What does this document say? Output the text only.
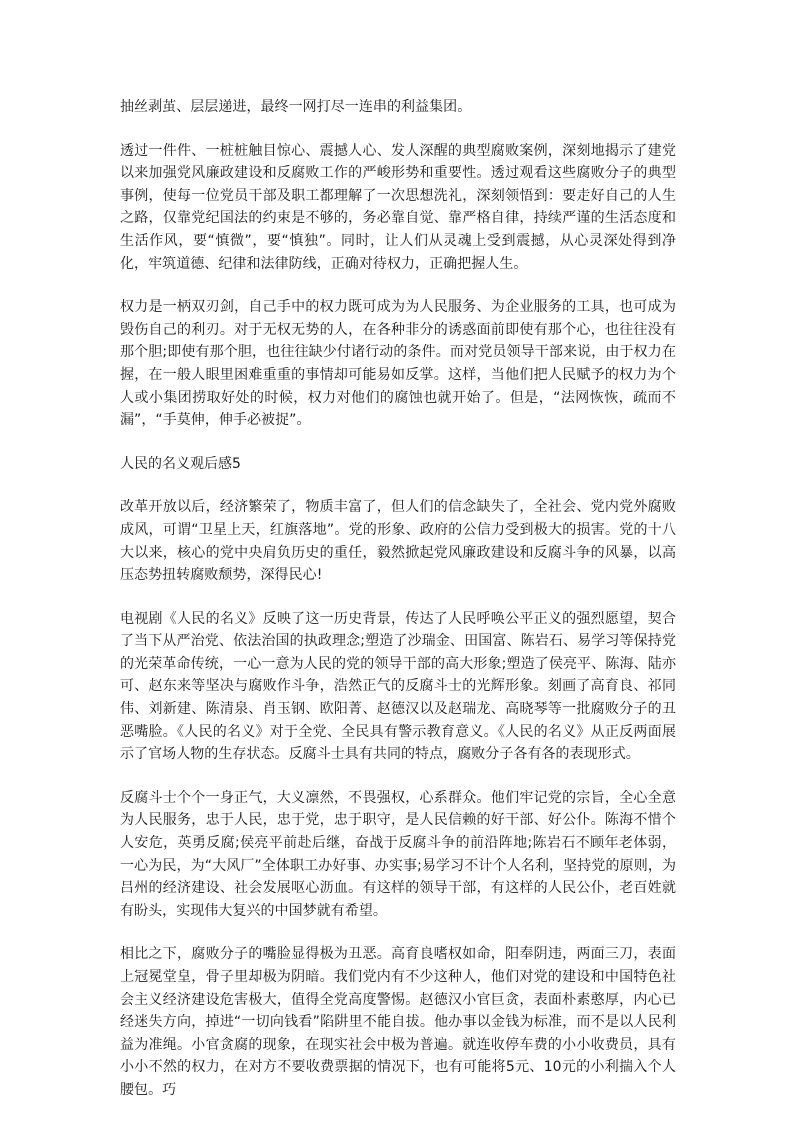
抽丝剥茧、层层递进，最终一网打尽一连串的利益集团。

透过一件件、一桩桩触目惊心、震撼人心、发人深醒的典型腐败案例，深刻地揭示了建党以来加强党风廉政建设和反腐败工作的严峻形势和重要性。透过观看这些腐败分子的典型事例，使每一位党员干部及职工都理解了一次思想洗礼，深刻领悟到：要走好自己的人生之路，仅靠党纪国法的约束是不够的，务必靠自觉、靠严格自律，持续严谨的生活态度和生活作风，要“慎微”，要“慎独”。同时，让人们从灵魂上受到震撼，从心灵深处得到净化，牢筑道德、纪律和法律防线，正确对待权力，正确把握人生。

权力是一柄双刃剑，自己手中的权力既可成为为人民服务、为企业服务的工具，也可成为毁伤自己的利刃。对于无权无势的人，在各种非分的诱惑面前即使有那个心，也往往没有那个胆;即使有那个胆，也往往缺少付诸行动的条件。而对党员领导干部来说，由于权力在握，在一般人眼里困难重重的事情却可能易如反掌。这样，当他们把人民赋予的权力为个人或小集团捞取好处的时候，权力对他们的腐蚀也就开始了。但是，“法网恢恢，疏而不漏”，“手莫伸，伸手必被捉”。

人民的名义观后感5

改革开放以后，经济繁荣了，物质丰富了，但人们的信念缺失了，全社会、党内党外腐败成风，可谓“卫星上天，红旗落地”。党的形象、政府的公信力受到极大的损害。党的十八大以来，核心的党中央肩负历史的重任，毅然掀起党风廉政建设和反腐斗争的风暴，以高压态势扭转腐败颓势，深得民心!

电视剧《人民的名义》反映了这一历史背景，传达了人民呼唤公平正义的强烈愿望，契合了当下从严治党、依法治国的执政理念;塑造了沙瑞金、田国富、陈岩石、易学习等保持党的光荣革命传统，一心一意为人民的党的领导干部的高大形象;塑造了侯亮平、陈海、陆亦可、赵东来等坚决与腐败作斗争，浩然正气的反腐斗士的光辉形象。刻画了高育良、祁同伟、刘新建、陈清泉、肖玉钢、欧阳菁、赵德汉以及赵瑞龙、高晓琴等一批腐败分子的丑恶嘴脸。《人民的名义》对于全党、全民具有警示教育意义。《人民的名义》从正反两面展示了官场人物的生存状态。反腐斗士具有共同的特点，腐败分子各有各的表现形式。

反腐斗士个个一身正气，大义凛然，不畏强权，心系群众。他们牢记党的宗旨，全心全意为人民服务，忠于人民，忠于党，忠于职守，是人民信赖的好干部、好公仆。陈海不惜个人安危，英勇反腐;侯亮平前赴后继，奋战于反腐斗争的前沿阵地;陈岩石不顾年老体弱，一心为民，为“大风厂”全体职工办好事、办实事;易学习不计个人名利，坚持党的原则，为吕州的经济建设、社会发展呕心沥血。有这样的领导干部，有这样的人民公仆，老百姓就有盼头，实现伟大复兴的中国梦就有希望。

相比之下，腐败分子的嘴脸显得极为丑恶。高育良嗜权如命，阳奉阴违，两面三刀，表面上冠冕堂皇，骨子里却极为阴暗。我们党内有不少这种人，他们对党的建设和中国特色社会主义经济建设危害极大，值得全党高度警惕。赵德汉小官巨贪，表面朴素憨厚，内心已经迷失方向，掉进“一切向钱看”陷阱里不能自拔。他办事以金钱为标准，而不是以人民利益为准绳。小官贪腐的现象，在现实社会中极为普遍。就连收停车费的小小收费员，具有小小不然的权力，在对方不要收费票据的情况下，也有可能将5元、10元的小利揣入个人腰包。巧
